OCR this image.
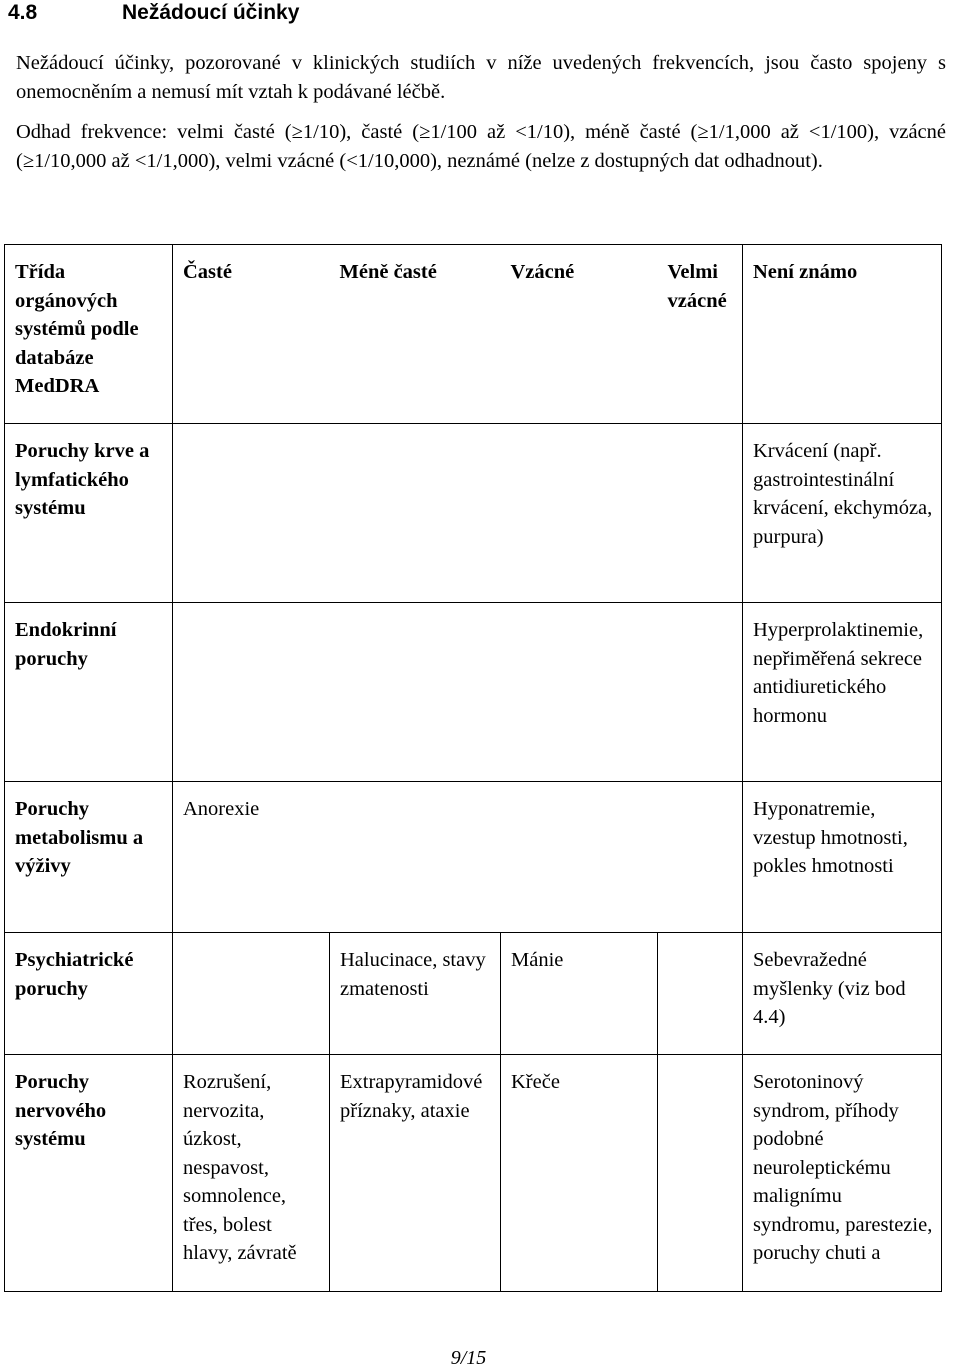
4.8	Nežádoucí účinky

Nežádoucí účinky, pozorované v klinických studiích v níže uvedených frekvencích, jsou často spojeny s onemocněním a nemusí mít vztah k podávané léčbě.

Odhad frekvence: velmi časté (≥1/10), časté (≥1/100 až <1/10), méně časté (≥1/1,000 až <1/100), vzácné (≥1/10,000 až <1/1,000), velmi vzácné (<1/10,000), neznámé (nelze z dostupných dat odhadnout).

Třída orgánových systémů podle databáze MedDRA	Časté	Méně časté	Vzácné	Velmi vzácné	Není známo
Poruchy krve a lymfatického systému					Krvácení (např. gastrointestinální krvácení, ekchymóza, purpura)
Endokrinní poruchy					Hyperprolaktinemie, nepřiměřená sekrece antidiuretického hormonu
Poruchy metabolismu a výživy	Anorexie				Hyponatremie, vzestup hmotnosti, pokles hmotnosti
Psychiatrické poruchy		Halucinace, stavy zmatenosti	Mánie		Sebevražedné myšlenky (viz bod 4.4)
Poruchy nervového systému	Rozrušení, nervozita, úzkost, nespavost, somnolence, třes, bolest hlavy, závratě	Extrapyramidové příznaky, ataxie	Křeče		Serotoninový syndrom, příhody podobné neuroleptickému malignímu syndromu, parestezie, poruchy chuti a
9/15
